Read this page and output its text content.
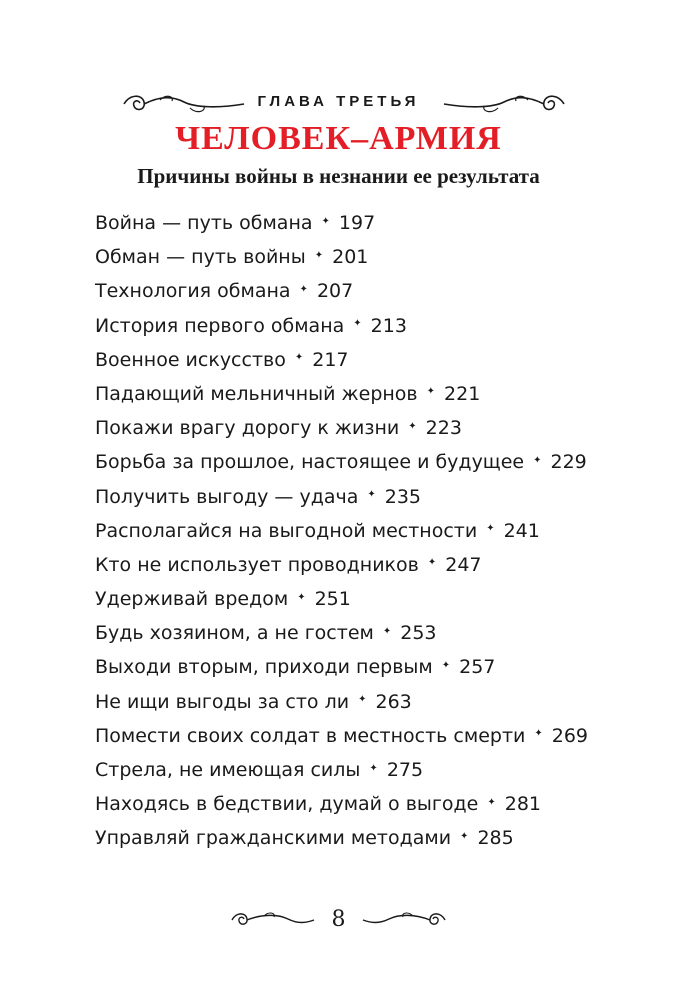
ГЛАВА ТРЕТЬЯ
ЧЕЛОВЕК–АРМИЯ
Причины войны в незнании ее результата
Война — путь обмана ✦ 197
Обман — путь войны ✦ 201
Технология обмана ✦ 207
История первого обмана ✦ 213
Военное искусство ✦ 217
Падающий мельничный жернов ✦ 221
Покажи врагу дорогу к жизни ✦ 223
Борьба за прошлое, настоящее и будущее ✦ 229
Получить выгоду — удача ✦ 235
Располагайся на выгодной местности ✦ 241
Кто не использует проводников ✦ 247
Удерживай вредом ✦ 251
Будь хозяином, а не гостем ✦ 253
Выходи вторым, приходи первым ✦ 257
Не ищи выгоды за сто ли ✦ 263
Помести своих солдат в местность смерти ✦ 269
Стрела, не имеющая силы ✦ 275
Находясь в бедствии, думай о выгоде ✦ 281
Управляй гражданскими методами ✦ 285
8
